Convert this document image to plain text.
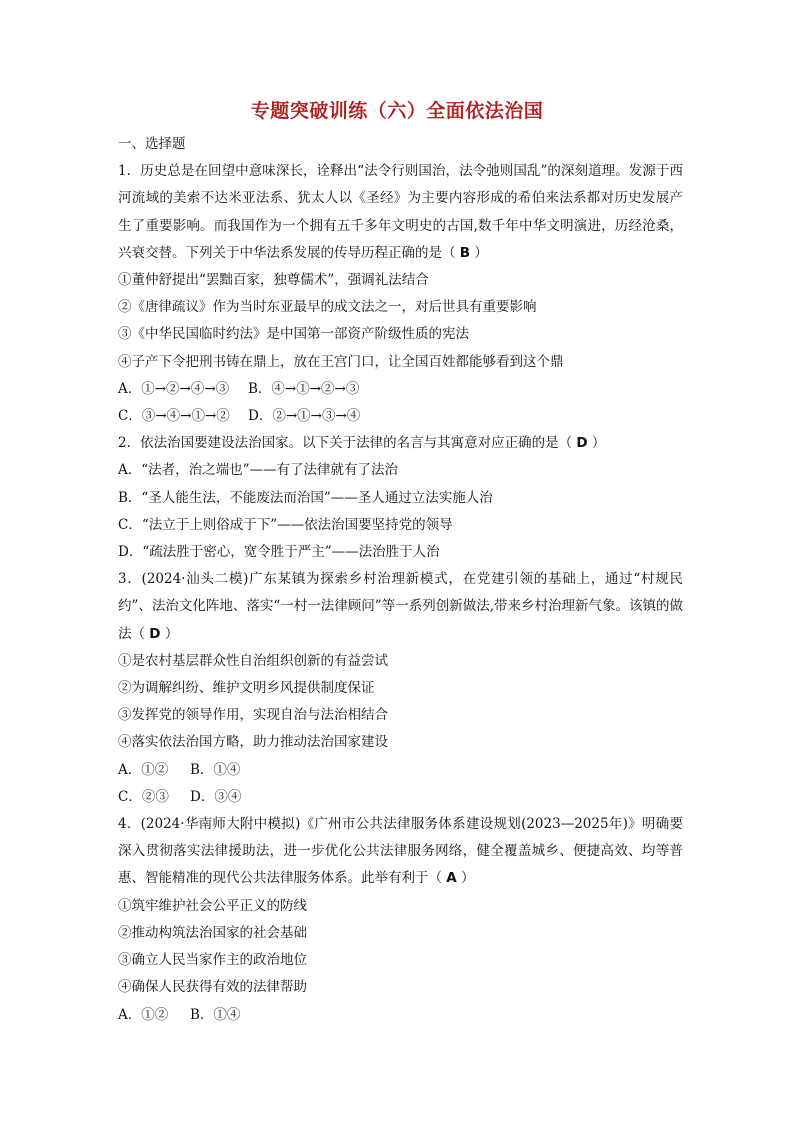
专题突破训练（六）全面依法治国
一、选择题
1．历史总是在回望中意味深长，诠释出“法令行则国治，法令弛则国乱”的深刻道理。发源于西河流域的美索不达米亚法系、犹太人以《圣经》为主要内容形成的希伯来法系都对历史发展产生了重要影响。而我国作为一个拥有五千多年文明史的古国,数千年中华文明演进，历经沧桑，兴衰交替。下列关于中华法系发展的传导历程正确的是（ B ）
①董仲舒提出“罢黜百家，独尊儒术”，强调礼法结合
②《唐律疏议》作为当时东亚最早的成文法之一，对后世具有重要影响
③《中华民国临时约法》是中国第一部资产阶级性质的宪法
④子产下令把刑书铸在鼎上，放在王宫门口，让全国百姓都能够看到这个鼎
A．①→②→④→③ B．④→①→②→③
C．③→④→①→② D．②→①→③→④
2．依法治国要建设法治国家。以下关于法律的名言与其寓意对应正确的是（ D ）
A．“法者，治之端也”——有了法律就有了法治
B．“圣人能生法，不能废法而治国”——圣人通过立法实施人治
C．“法立于上则俗成于下”——依法治国要坚持党的领导
D．“疏法胜于密心，宽令胜于严主”——法治胜于人治
3．(2024·汕头二模)广东某镇为探索乡村治理新模式，在党建引领的基础上，通过“村规民约”、法治文化阵地、落实“一村一法律顾问”等一系列创新做法,带来乡村治理新气象。该镇的做法（ D ）
①是农村基层群众性自治组织创新的有益尝试
②为调解纠纷、维护文明乡风提供制度保证
③发挥党的领导作用，实现自治与法治相结合
④落实依法治国方略，助力推动法治国家建设
A．①② B．①④
C．②③ D．③④
4．(2024·华南师大附中模拟)《广州市公共法律服务体系建设规划(2023—2025年)》明确要深入贯彻落实法律援助法，进一步优化公共法律服务网络，健全覆盖城乡、便捷高效、均等普惠、智能精准的现代公共法律服务体系。此举有利于（ A ）
①筑牢维护社会公平正义的防线
②推动构筑法治国家的社会基础
③确立人民当家作主的政治地位
④确保人民获得有效的法律帮助
A．①② B．①④
